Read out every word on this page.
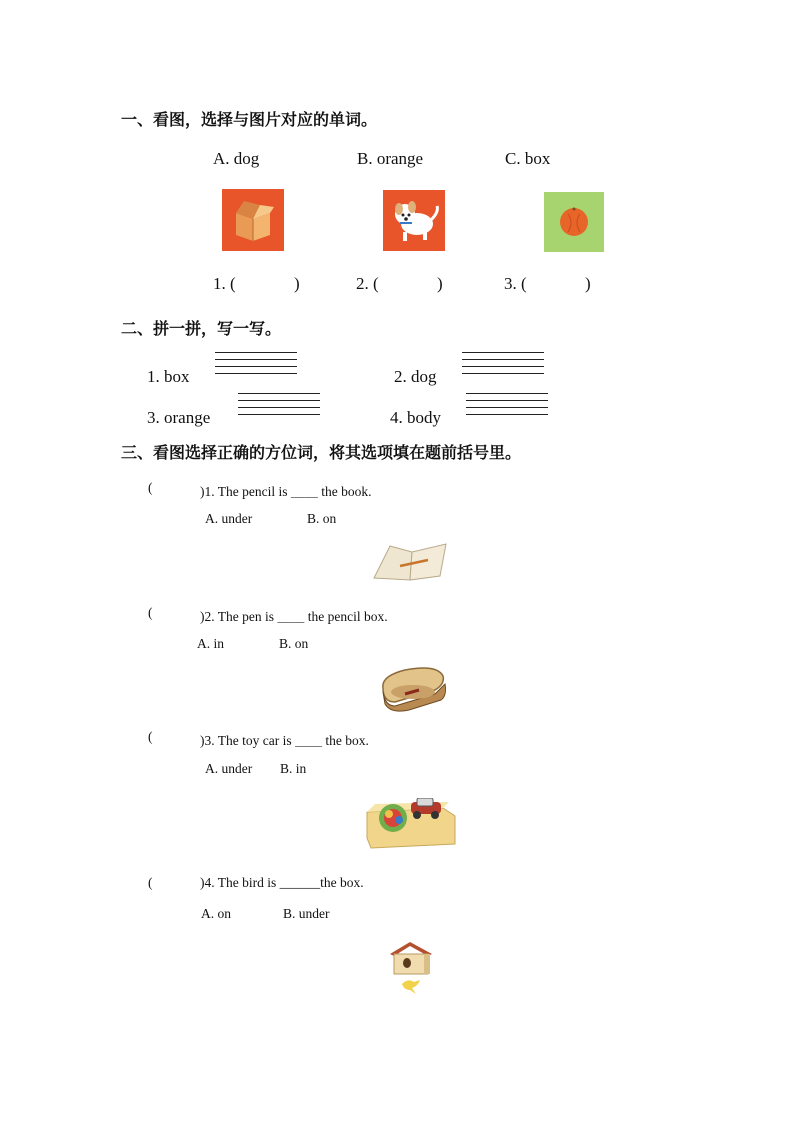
一、看图，选择与图片对应的单词。
A. dog	B. orange	C. box
1. (	)	2. (	)	3. (	)
二、拼一拼，写一写。
1. box	2. dog
3. orange	4. body
三、看图选择正确的方位词，将其选项填在题前括号里。
(	)1. The pencil is ＿＿ the book.
A. under	B. on
(	)2. The pen is ＿＿ the pencil box.
A. in	B. on
(	)3. The toy car is ＿＿ the box.
A. under B. in
(	)4. The bird is ______the box.
A. on	B. under
